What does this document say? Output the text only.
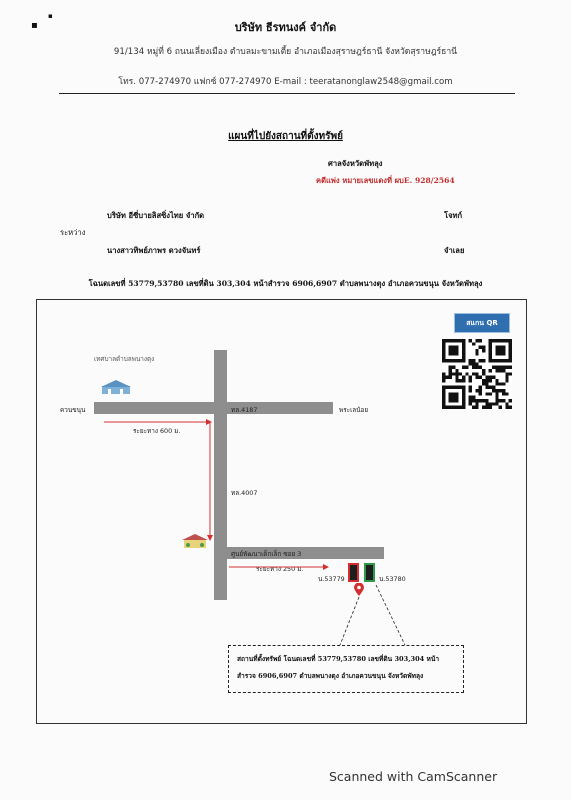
▪
▪
บริษัท ธีรทนงค์ จำกัด
91/134 หมู่ที่ 6 ถนนเลี่ยงเมือง ตำบลมะขามเตี้ย อำเภอเมืองสุราษฎร์ธานี จังหวัดสุราษฎร์ธานี
โทร. 077-274970 แฟกซ์ 077-274970 E-mail : teeratanonglaw2548@gmail.com
แผนที่ไปยังสถานที่ตั้งทรัพย์
ศาลจังหวัดพัทลุง
คดีแพ่ง หมายเลขแดงที่ ผบE. 928/2564
บริษัท อีซี่บายลิสซิ่งไทย จำกัด	โจทก์
ระหว่าง
นางสาวทิพย์ภาพร ดวงจันทร์	จำเลย
โฉนดเลขที่ 53779,53780 เลขที่ดิน 303,304 หน้าสำรวจ 6906,6907 ตำบลพนางตุง อำเภอควนขนุน จังหวัดพัทลุง
สแกน QR
เทศบาลตำบลพนางตุง
ควนขนุน	พระเลน้อย
ทล.4187
ทล.4007
ระยะทาง 600 ม.
ศูนย์พัฒนาเด็กเล็ก ซอย 3
ระยะทาง 250 ม.
น.53779	น.53780
สถานที่ตั้งทรัพย์ โฉนดเลขที่ 53779,53780 เลขที่ดิน 303,304 หน้า
สำรวจ 6906,6907 ตำบลพนางตุง อำเภอควนขนุน จังหวัดพัทลุง
Scanned with CamScanner
